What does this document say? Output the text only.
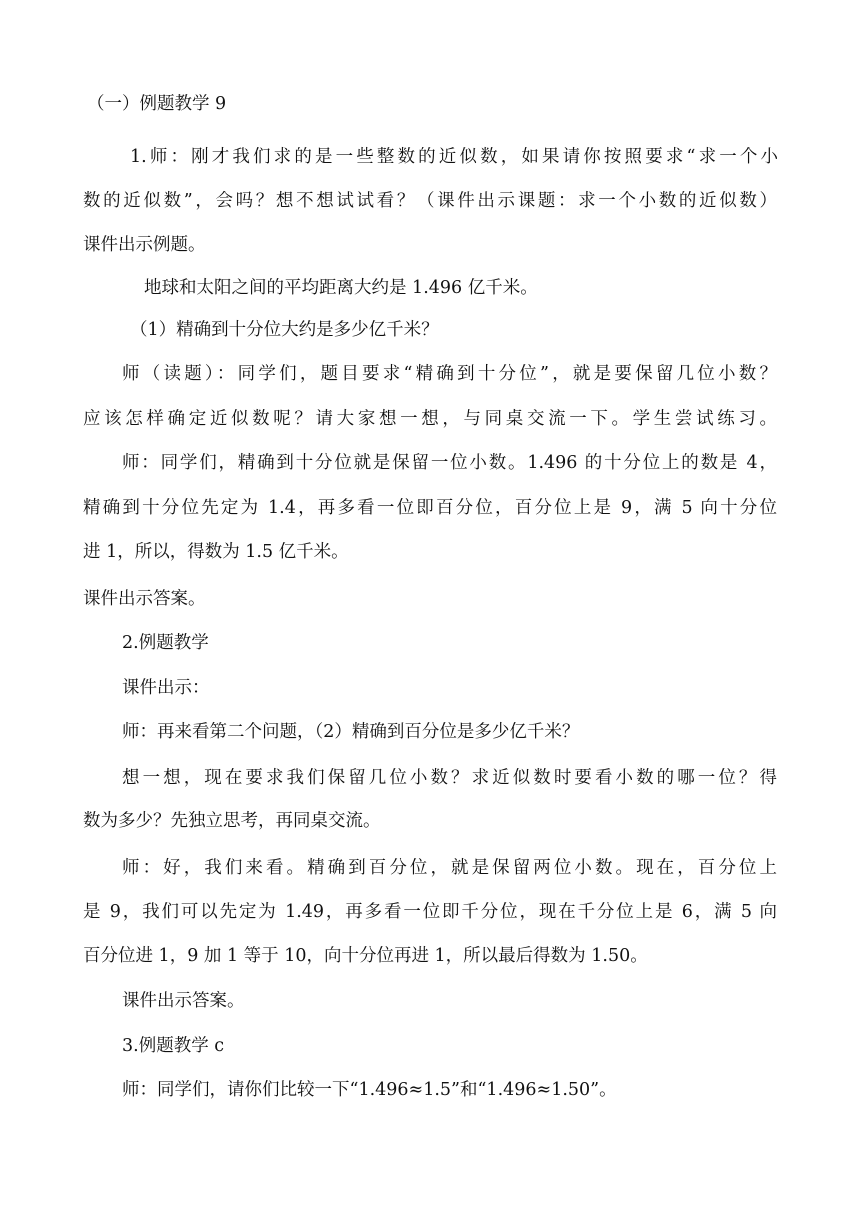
（一）例题教学 9
1.师：刚才我们求的是一些整数的近似数，如果请你按照要求“求一个小
数的近似数”，会吗？想不想试试看？（课件出示课题：求一个小数的近似数）
课件出示例题。
地球和太阳之间的平均距离大约是 1.496 亿千米。
（1）精确到十分位大约是多少亿千米？
师（读题）：同学们，题目要求“精确到十分位”，就是要保留几位小数？
应该怎样确定近似数呢？请大家想一想，与同桌交流一下。学生尝试练习。
师：同学们，精确到十分位就是保留一位小数。1.496 的十分位上的数是 4，
精确到十分位先定为 1.4，再多看一位即百分位，百分位上是 9，满 5 向十分位
进 1，所以，得数为 1.5 亿千米。
课件出示答案。
2.例题教学
课件出示：
师：再来看第二个问题，（2）精确到百分位是多少亿千米？
想一想，现在要求我们保留几位小数？求近似数时要看小数的哪一位？得
数为多少？先独立思考，再同桌交流。
师：好，我们来看。精确到百分位，就是保留两位小数。现在，百分位上
是 9，我们可以先定为 1.49，再多看一位即千分位，现在千分位上是 6，满 5 向
百分位进 1，9 加 1 等于 10，向十分位再进 1，所以最后得数为 1.50。
课件出示答案。
3.例题教学 c
师：同学们，请你们比较一下“1.496≈1.5”和“1.496≈1.50”。
